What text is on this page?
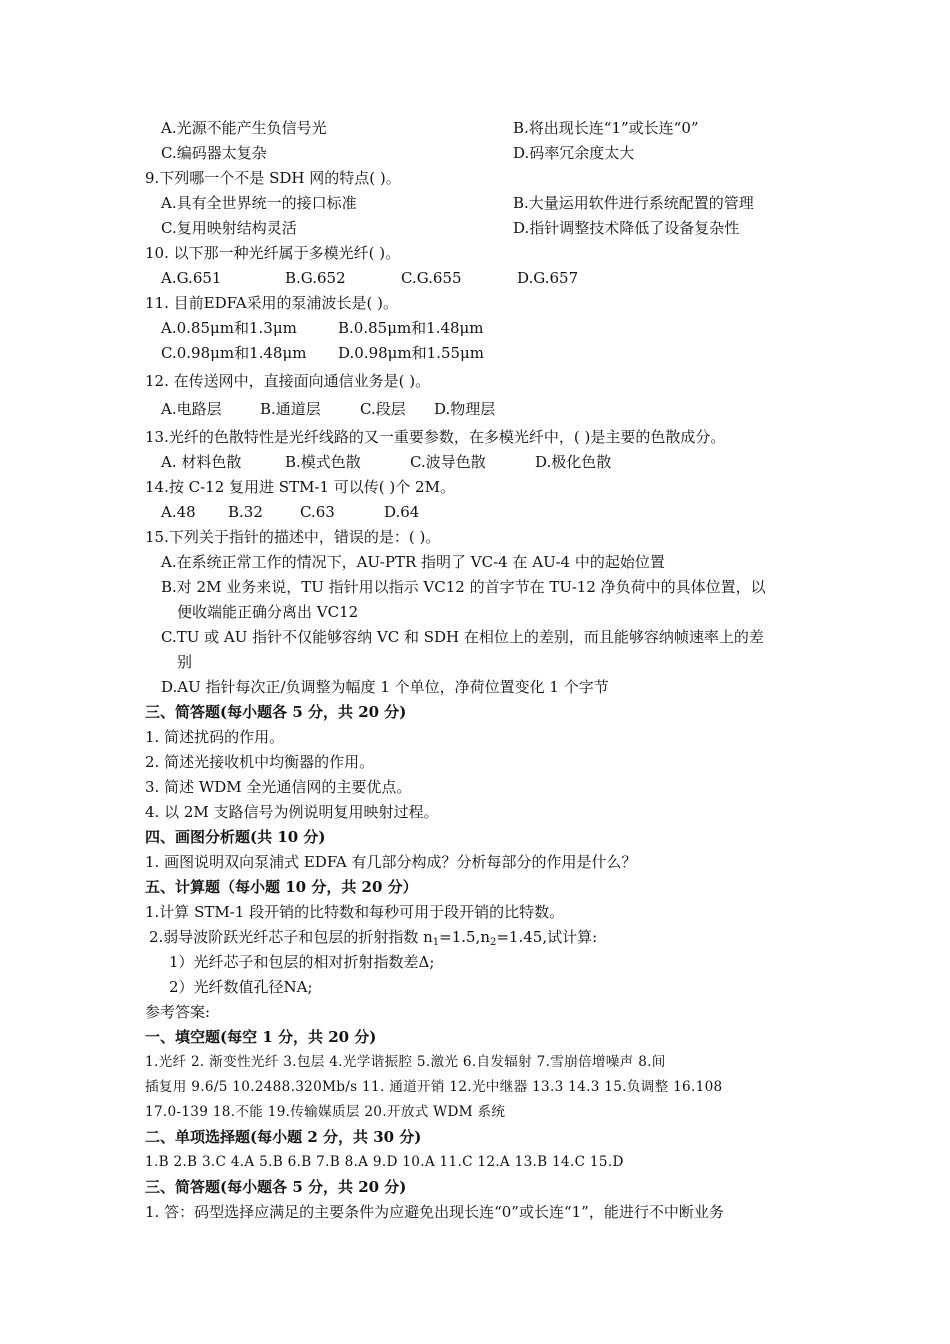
A.光源不能产生负信号光	B.将出现长连“1”或长连“0”
C.编码器太复杂	D.码率冗余度太大
9.下列哪一个不是 SDH 网的特点( )。
A.具有全世界统一的接口标准	B.大量运用软件进行系统配置的管理
C.复用映射结构灵活	D.指针调整技术降低了设备复杂性
10. 以下那一种光纤属于多模光纤( )。
A.G.651	B.G.652	C.G.655	D.G.657
11. 目前EDFA采用的泵浦波长是( )。
A.0.85μm和1.3μm	B.0.85μm和1.48μm
C.0.98μm和1.48μm D.0.98μm和1.55μm
12. 在传送网中，直接面向通信业务是( )。
A.电路层	B.通道层	C.段层 D.物理层
13.光纤的色散特性是光纤线路的又一重要参数，在多模光纤中，( )是主要的色散成分。
A. 材料色散	B.模式色散	C.波导色散	D.极化色散
14.按 C-12 复用进 STM-1 可以传( )个 2M。
A.48 B.32 C.63	D.64
15.下列关于指针的描述中，错误的是：( )。
A.在系统正常工作的情况下，AU-PTR 指明了 VC-4 在 AU-4 中的起始位置
B.对 2M 业务来说，TU 指针用以指示 VC12 的首字节在 TU-12 净负荷中的具体位置，以
便收端能正确分离出 VC12
C.TU 或 AU 指针不仅能够容纳 VC 和 SDH 在相位上的差别，而且能够容纳帧速率上的差
别
D.AU 指针每次正/负调整为幅度 1 个单位，净荷位置变化 1 个字节
三、简答题(每小题各 5 分，共 20 分)
1. 简述扰码的作用。
2. 简述光接收机中均衡器的作用。
3. 简述 WDM 全光通信网的主要优点。
4. 以 2M 支路信号为例说明复用映射过程。
四、画图分析题(共 10 分)
1. 画图说明双向泵浦式 EDFA 有几部分构成？分析每部分的作用是什么？
五、计算题（每小题 10 分，共 20 分）
1.计算 STM-1 段开销的比特数和每秒可用于段开销的比特数。
2.弱导波阶跃光纤芯子和包层的折射指数 $n_1=1.5,n_2=1.45$,试计算:
1）光纤芯子和包层的相对折射指数差Δ;
2）光纤数值孔径NA;
参考答案:
一、填空题(每空 1 分，共 20 分)
1.光纤 2. 渐变性光纤 3.包层 4.光学谐振腔 5.激光 6.自发辐射 7.雪崩倍增噪声 8.间
插复用 9.6/5 10.2488.320Mb/s 11. 通道开销 12.光中继器 13.3 14.3 15.负调整 16.108
17.0-139 18.不能 19.传输媒质层 20.开放式 WDM 系统
二、单项选择题(每小题 2 分，共 30 分)
1.B 2.B 3.C 4.A 5.B 6.B 7.B 8.A 9.D 10.A 11.C 12.A 13.B 14.C 15.D
三、简答题(每小题各 5 分，共 20 分)
1. 答：码型选择应满足的主要条件为应避免出现长连“0”或长连“1”，能进行不中断业务
